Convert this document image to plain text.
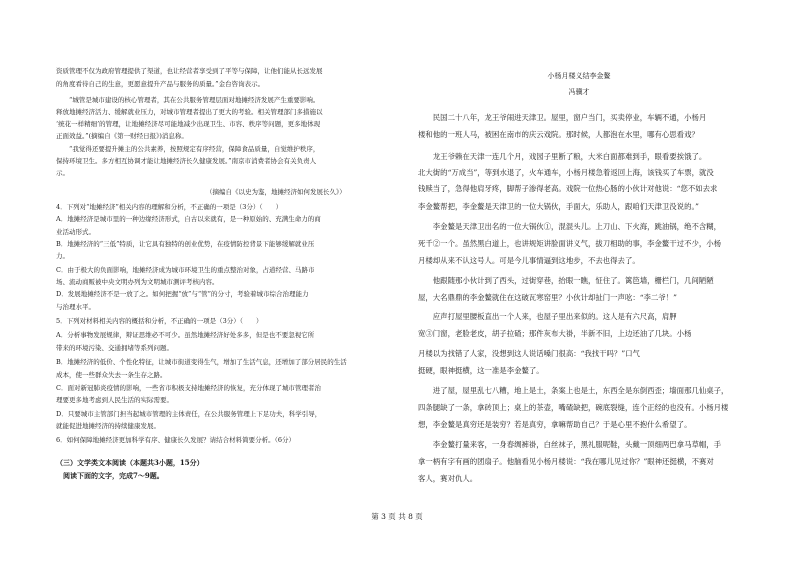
资质管理不仅为政府管理提供了渠道，也让经营者享受到了平等与保障，让他们能从长远发展
的角度看待自己的生意，更愿意提升产品与服务的质量。”金台咨询表示。
　　“城管是城市建设的核心管理者，其在公共服务管理层面对地摊经济发展产生重要影响。
释放地摊经济活力、缓解就业压力，对城市管理者提出了更大的考验。相关管理部门多措施以
‘统花一样精细’的管理，让地摊经济尽可能地减少出现卫生、市容、秩序等问题，更多地体现
正面效益。”(摘编自《第一财经日报》)消息称。
　　“我觉得还要提升摊主的公共素养，按照规定有序经营，保障食品质量，自觉维护秩序，
保持环境卫生。多方相互协调才能让地摊经济长久健康发展。”南京市消费者协会有关负责人
示。
（摘编自《以史为鉴，地摊经济如何发展长久》）
4．下列对“地摊经济”相关内容的理解和分析，不正确的一项是（3分）（　　）
A．地摊经济是城市里的一种边缘经济形式，自古以来就有，是一种原始的、充满生命力的商
业活动形式。
B．地摊经济的“三低”特质，让它具有独特的创业优势，在疫情防控背景下能够缓解就业压
力。
C．由于极大的负面影响，地摊经济成为城市环境卫生的重点整治对象，占道经营、马路市
场、流动商贩被中央文明办列为文明城市测评考核内容。
D．发展地摊经济不是一放了之。如何把握“放”与“管”的分寸，考验着城市综合治理能力
与治理水平。
5．下列对材料相关内容的概括和分析，不正确的一项是（3分）（　　）
A．分析事物发展规律，辩证思维必不可少。虽然地摊经济好处多多，但是也不要忽视它所
带来的环境污染、交通拥堵等系列问题。
B．地摊经济的低价、个性化特征，让城市街道变得生气，增加了生活气息，还增加了部分居民的生活
成本，使一些群众失去一条生存之路。
C．面对新冠肺炎疫情的影响，一些省市积极支持地摊经济的恢复，充分体现了城市管理者治
理要更多地考虑到人民生活的实际需要。
D．只要城市主管部门担当起城市管理的主体责任，在公共服务管理上下足功夫，科学引导，
就能促进地摊经济的持续健康发展。
6．如何保障地摊经济更加科学有序、健康长久发展？请结合材料简要分析。（6分）
（三）文学类文本阅读（本题共3小题，15分）
　阅读下面的文字，完成7～9题。
小杨月楼义结李金鳌
冯骥才
　　民国二十八年，龙王爷闹进天津卫。屋里，窗户当门，买卖停业，车辆不通，小杨月
楼和他的一班人马，被困在南市的庆云戏院。那时候，人都泡在水里，哪有心思看戏？
　　龙王爷赖在天津一连几个月，戏园子里断了粮，大米白面都难到手，眼看要挨饿了。
北大街的“万成当”，等到水退了，火车通车，小杨月楼急着返回上海，该钱买了车票，就没
钱赎当了，急得他肩牙疼，脚帮子渗得老高。戏院一位热心肠的小伙计对他说：“您不如去求
李金鳌帮把，李金鳌是天津卫的一位大锅伙，手面大，乐助人，跟咱们天津卫没说的。”
　　李金鳌是天津卫出名的一位大锅伙①，混混头儿。上刀山、下火海，跳油锅，绝不含糊，
死千②一个。虽然黑白道上，也讲规矩讲脸面讲义气，拔刀相助的事，李金鳌干过不少，小杨
月楼却从来不认这号人。可是今儿事情逼到这地步，不去也得去了。
　　他跟随那小伙计到了西头，过街穿巷，抬眼一瞧，怔住了。篱笆墙，栅栏门，几间陋陋
屋，大名鼎鼎的李金鳌就住在这破瓦寒窑里？小伙计却扯门一声吆：“李二爷！”
　　应声打屋里腰板直出一个人来，也屋子里出来似的。这人是有六尺高，肩胛
宽③门窗，老脸老皮，胡子拉碴；那件灰布大褂，半新不旧，上边还油了几块。小杨
月楼以为找错了人家，没想到这人说话嗓门很高：“我找干吗？”口气
挺硬，眼神挺横，这一准是李金鳌了。
　　进了屋，屋里乱七八糟，地上是土，条案上也是土，东西全是东倒西歪；墙面那几仙桌子，
四条腿缺了一条，拿砖顶上；桌上的茶壶，嘴碴缺把，碗底裂缝，连个正经的也没有。小杨月楼
想，李金鳌是真穷还是装穷？若是真穷，拿嘛帮助自己？于是心里不抱什么希望了。
　　李金鳌打量来客，一身春绸裤褂，白丝袜子，黑礼服呢鞋，头戴一顶细两巴拿马草帽，手
拿一柄有字有画的团扇子。他脑看见小杨月楼说：“我在哪儿见过你？”眼神还挺横，不赛对
客人，赛对仇人。
第 3 页 共 8 页
